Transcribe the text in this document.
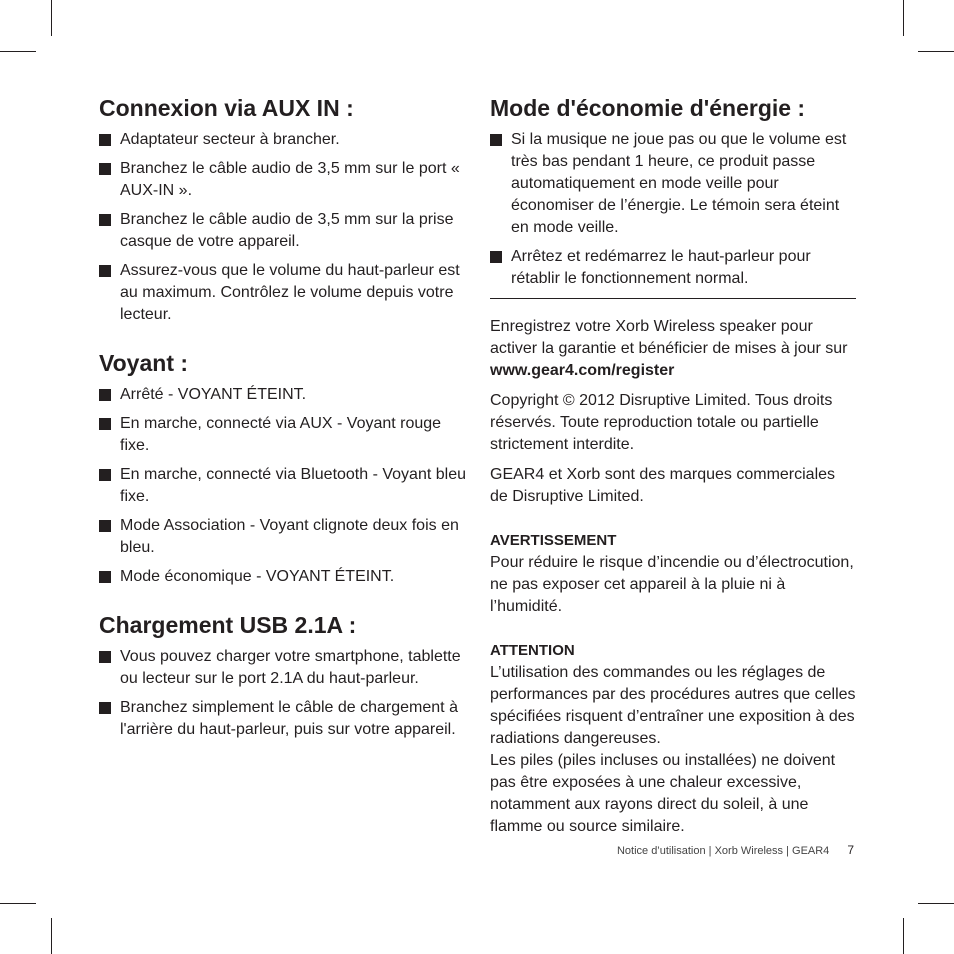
Connexion via AUX IN :
Adaptateur secteur à brancher.
Branchez le câble audio de 3,5 mm sur le port « AUX-IN ».
Branchez le câble audio de 3,5 mm sur la prise casque de votre appareil.
Assurez-vous que le volume du haut-parleur est au maximum. Contrôlez le volume depuis votre lecteur.
Voyant :
Arrêté - VOYANT ÉTEINT.
En marche, connecté via AUX - Voyant rouge fixe.
En marche, connecté via Bluetooth - Voyant bleu fixe.
Mode Association - Voyant clignote deux fois en bleu.
Mode économique - VOYANT ÉTEINT.
Chargement USB 2.1A :
Vous pouvez charger votre smartphone, tablette ou lecteur sur le port 2.1A du haut-parleur.
Branchez simplement le câble de chargement à l'arrière du haut-parleur, puis sur votre appareil.
Mode d'économie d'énergie :
Si la musique ne joue pas ou que le volume est très bas pendant 1 heure, ce produit passe automatiquement en mode veille pour économiser de l’énergie. Le témoin sera éteint en mode veille.
Arrêtez et redémarrez le haut-parleur pour rétablir le fonctionnement normal.

Enregistrez votre Xorb Wireless speaker pour activer la garantie et bénéficier de mises à jour sur www.gear4.com/register

Copyright © 2012 Disruptive Limited. Tous droits réservés. Toute reproduction totale ou partielle strictement interdite.

GEAR4 et Xorb sont des marques commerciales de Disruptive Limited.

AVERTISSEMENT

Pour réduire le risque d’incendie ou d’électrocution, ne pas exposer cet appareil à la pluie ni à l’humidité.

ATTENTION

L’utilisation des commandes ou les réglages de performances par des procédures autres que celles spécifiées risquent d’entraîner une exposition à des radiations dangereuses.
Les piles (piles incluses ou installées) ne doivent pas être exposées à une chaleur excessive, notamment aux rayons direct du soleil, à une flamme ou source similaire.

Notice d’utilisation | Xorb Wireless | GEAR4 7
